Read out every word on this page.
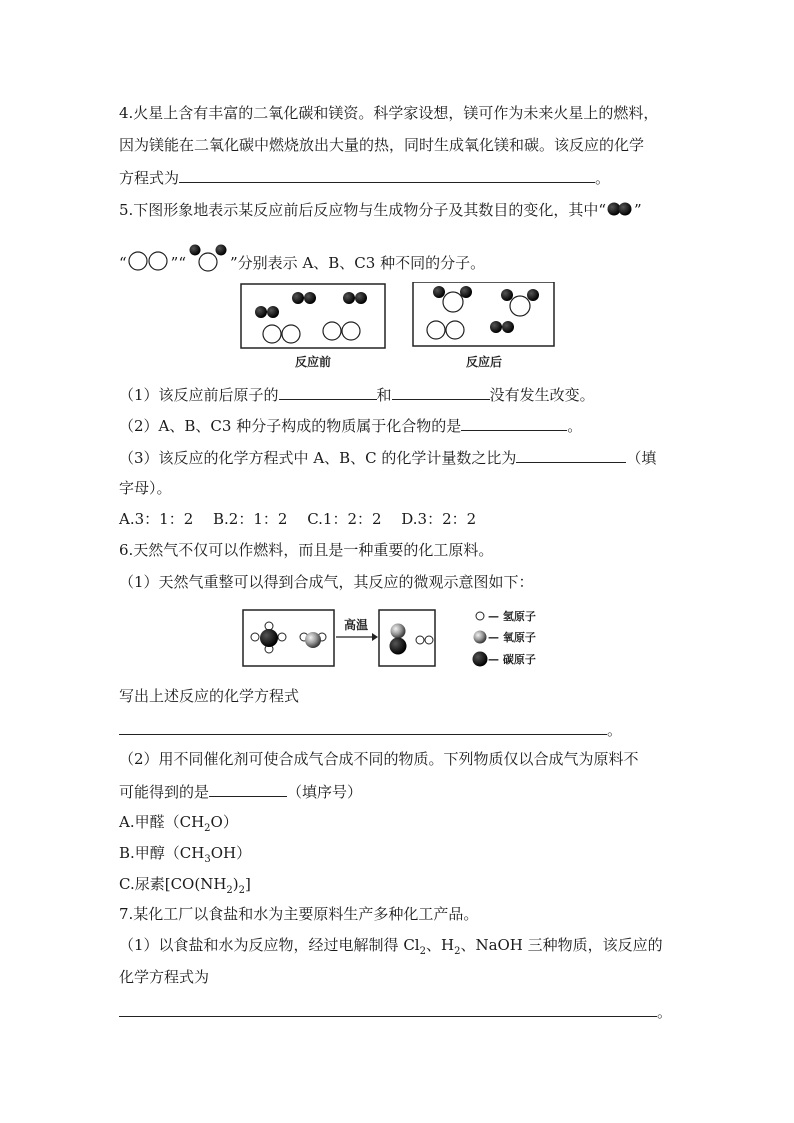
4.火星上含有丰富的二氧化碳和镁资。科学家设想，镁可作为未来火星上的燃料，
因为镁能在二氧化碳中燃烧放出大量的热，同时生成氧化镁和碳。该反应的化学
方程式为	。
5.下图形象地表示某反应前后反应物与生成物分子及其数目的变化，其中“ ”
“	”“	”分别表示 A、B、C3 种不同的分子。
反应前	反应后
（1）该反应前后原子的	和	没有发生改变。
（2）A、B、C3 种分子构成的物质属于化合物的是	。
（3）该反应的化学方程式中 A、B、C 的化学计量数之比为	（填
字母）。
A.3：1：2　 B.2：1：2　 C.1：2：2　 D.3：2：2
6.天然气不仅可以作燃料，而且是一种重要的化工原料。
（1）天然气重整可以得到合成气，其反应的微观示意图如下：
高温
— 氢原子
— 氧原子
— 碳原子
写出上述反应的化学方程式
。
（2）用不同催化剂可使合成气合成不同的物质。下列物质仅以合成气为原料不
可能得到的是	（填序号）
A.甲醛$(CH_2O)$
B.甲醇$(CH_3OH)$
C.尿素$[CO(NH_2)_2]$
7.某化工厂以食盐和水为主要原料生产多种化工产品。
（1）以食盐和水为反应物，经过电解制得 $Cl_2$、$H_2$、NaOH 三种物质，该反应的
化学方程式为
。
